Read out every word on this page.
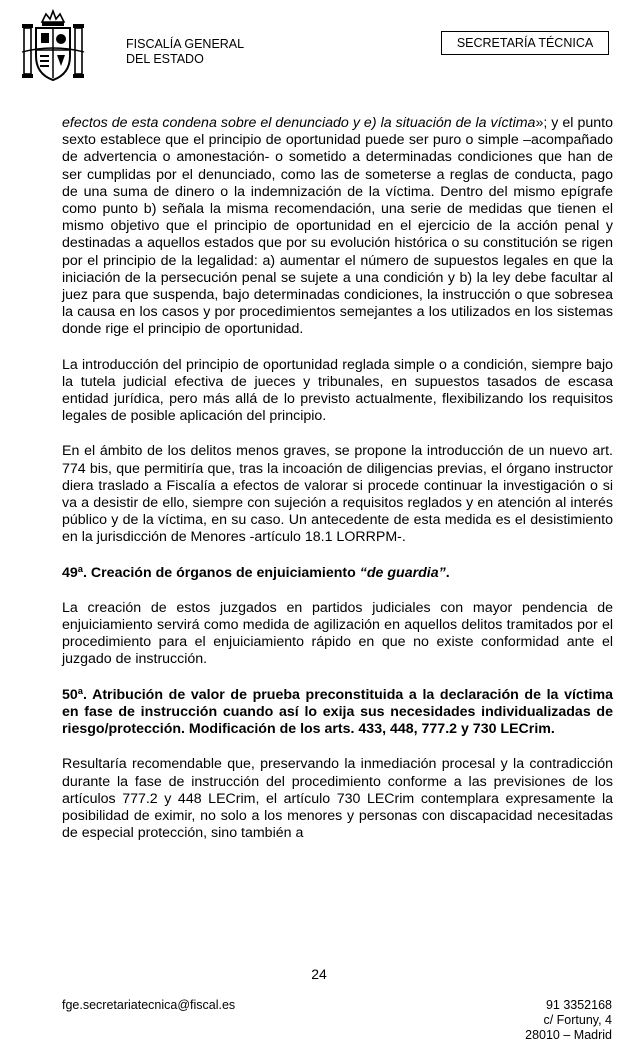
FISCALÍA GENERAL
DEL ESTADO
SECRETARÍA TÉCNICA

efectos de esta condena sobre el denunciado y e) la situación de la víctima»; y el punto sexto establece que el principio de oportunidad puede ser puro o simple –acompañado de advertencia o amonestación- o sometido a determinadas condiciones que han de ser cumplidas por el denunciado, como las de someterse a reglas de conducta, pago de una suma de dinero o la indemnización de la víctima. Dentro del mismo epígrafe como punto b) señala la misma recomendación, una serie de medidas que tienen el mismo objetivo que el principio de oportunidad en el ejercicio de la acción penal y destinadas a aquellos estados que por su evolución histórica o su constitución se rigen por el principio de la legalidad: a) aumentar el número de supuestos legales en que la iniciación de la persecución penal se sujete a una condición y b) la ley debe facultar al juez para que suspenda, bajo determinadas condiciones, la instrucción o que sobresea la causa en los casos y por procedimientos semejantes a los utilizados en los sistemas donde rige el principio de oportunidad.

La introducción del principio de oportunidad reglada simple o a condición, siempre bajo la tutela judicial efectiva de jueces y tribunales, en supuestos tasados de escasa entidad jurídica, pero más allá de lo previsto actualmente, flexibilizando los requisitos legales de posible aplicación del principio.

En el ámbito de los delitos menos graves, se propone la introducción de un nuevo art. 774 bis, que permitiría que, tras la incoación de diligencias previas, el órgano instructor diera traslado a Fiscalía a efectos de valorar si procede continuar la investigación o si va a desistir de ello, siempre con sujeción a requisitos reglados y en atención al interés público y de la víctima, en su caso. Un antecedente de esta medida es el desistimiento en la jurisdicción de Menores -artículo 18.1 LORRPM-.

49ª. Creación de órganos de enjuiciamiento “de guardia”.

La creación de estos juzgados en partidos judiciales con mayor pendencia de enjuiciamiento servirá como medida de agilización en aquellos delitos tramitados por el procedimiento para el enjuiciamiento rápido en que no existe conformidad ante el juzgado de instrucción.

50ª. Atribución de valor de prueba preconstituida a la declaración de la víctima en fase de instrucción cuando así lo exija sus necesidades individualizadas de riesgo/protección. Modificación de los arts. 433, 448, 777.2 y 730 LECrim.

Resultaría recomendable que, preservando la inmediación procesal y la contradicción durante la fase de instrucción del procedimiento conforme a las previsiones de los artículos 777.2 y 448 LECrim, el artículo 730 LECrim contemplara expresamente la posibilidad de eximir, no solo a los menores y personas con discapacidad necesitadas de especial protección, sino también a

24
fge.secretariatecnica@fiscal.es	91 3352168
c/ Fortuny, 4
28010 – Madrid
